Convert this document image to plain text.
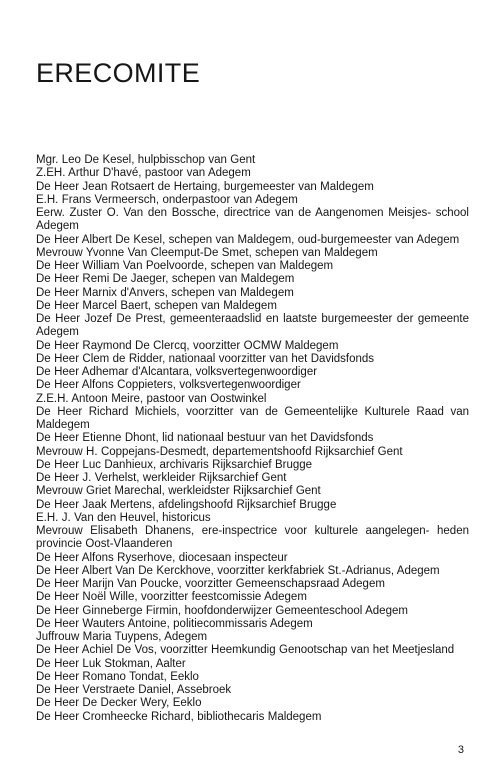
ERECOMITE
Mgr. Leo De Kesel, hulpbisschop van Gent
Z.EH. Arthur D'havé, pastoor van Adegem
De Heer Jean Rotsaert de Hertaing, burgemeester van Maldegem
E.H. Frans Vermeersch, onderpastoor van Adegem
Eerw. Zuster O. Van den Bossche, directrice van de Aangenomen Meisjes- school Adegem
De Heer Albert De Kesel, schepen van Maldegem, oud-burgemeester van Adegem
Mevrouw Yvonne Van Cleemput-De Smet, schepen van Maldegem
De Heer William Van Poelvoorde, schepen van Maldegem
De Heer Remi De Jaeger, schepen van Maldegem
De Heer Marnix d'Anvers, schepen van Maldegem
De Heer Marcel Baert, schepen van Maldegem
De Heer Jozef De Prest, gemeenteraadslid en laatste burgemeester der gemeente Adegem
De Heer Raymond De Clercq, voorzitter OCMW Maldegem
De Heer Clem de Ridder, nationaal voorzitter van het Davidsfonds
De Heer Adhemar d'Alcantara, volksvertegenwoordiger
De Heer Alfons Coppieters, volksvertegenwoordiger
Z.E.H. Antoon Meire, pastoor van Oostwinkel
De Heer Richard Michiels, voorzitter van de Gemeentelijke Kulturele Raad van Maldegem
De Heer Etienne Dhont, lid nationaal bestuur van het Davidsfonds
Mevrouw H. Coppejans-Desmedt, departementshoofd Rijksarchief Gent
De Heer Luc Danhieux, archivaris Rijksarchief Brugge
De Heer J. Verhelst, werkleider Rijksarchief Gent
Mevrouw Griet Marechal, werkleidster Rijksarchief Gent
De Heer Jaak Mertens, afdelingshoofd Rijksarchief Brugge
E.H. J. Van den Heuvel, historicus
Mevrouw Elisabeth Dhanens, ere-inspectrice voor kulturele aangelegen- heden provincie Oost-Vlaanderen
De Heer Alfons Ryserhove, diocesaan inspecteur
De Heer Albert Van De Kerckhove, voorzitter kerkfabriek St.-Adrianus, Adegem
De Heer Marijn Van Poucke, voorzitter Gemeenschapsraad Adegem
De Heer Noël Wille, voorzitter feestcomissie Adegem
De Heer Ginneberge Firmin, hoofdonderwijzer Gemeenteschool Adegem
De Heer Wauters Antoine, politiecommissaris Adegem
Juffrouw Maria Tuypens, Adegem
De Heer Achiel De Vos, voorzitter Heemkundig Genootschap van het Meetjesland
De Heer Luk Stokman, Aalter
De Heer Romano Tondat, Eeklo
De Heer Verstraete Daniel, Assebroek
De Heer De Decker Wery, Eeklo
De Heer Cromheecke Richard, bibliothecaris Maldegem
3
